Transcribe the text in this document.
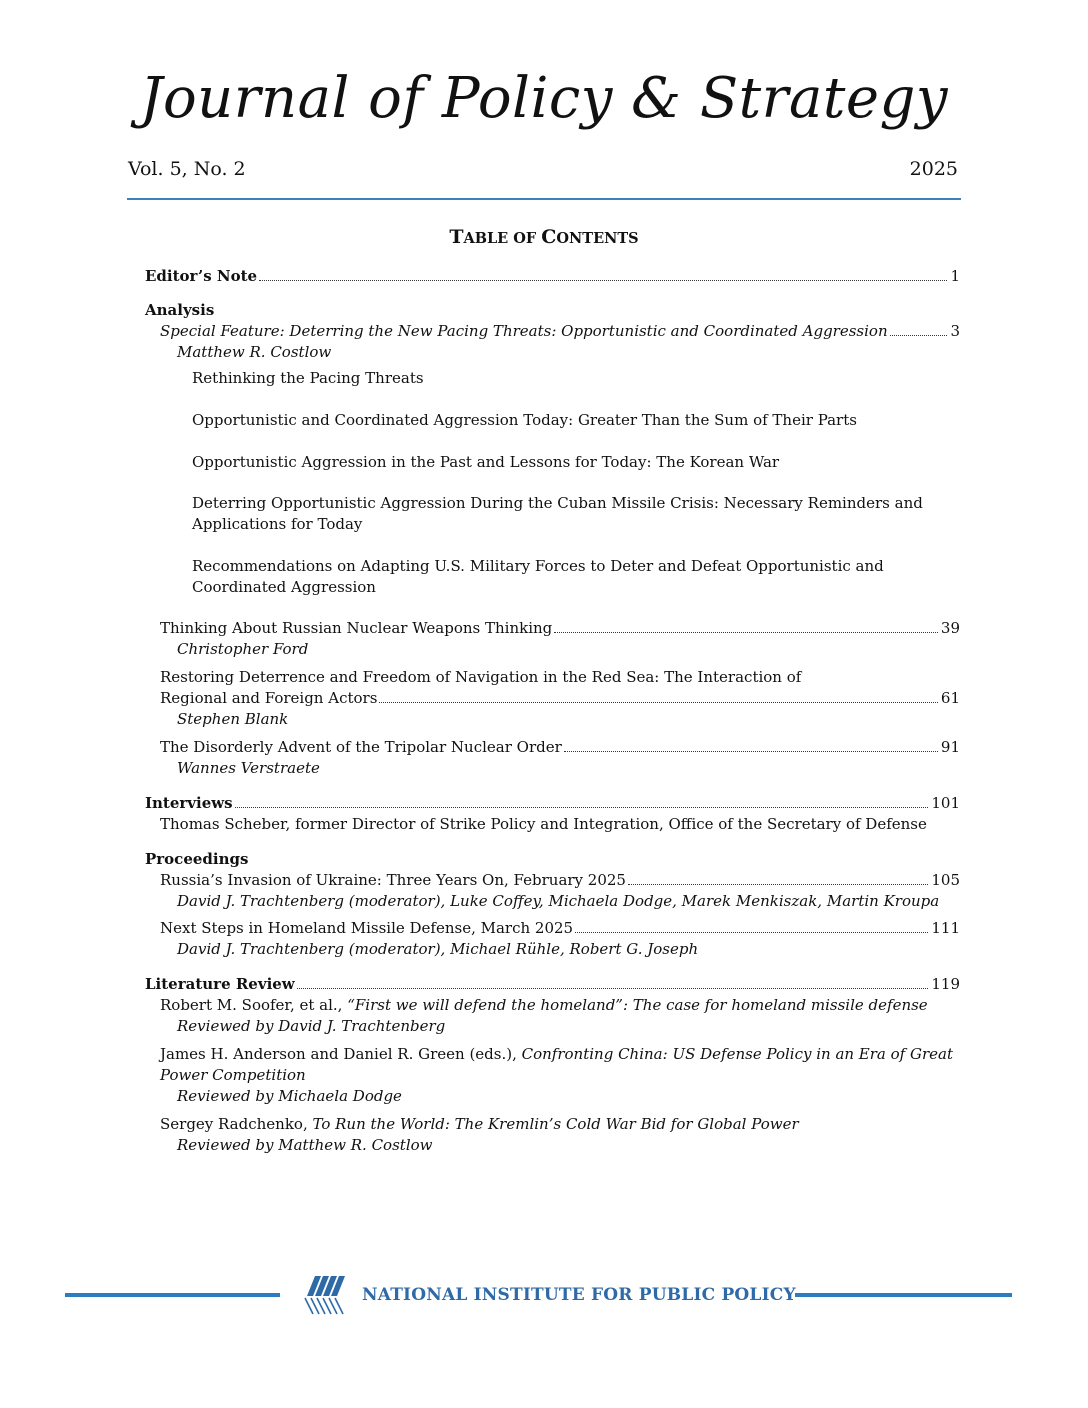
Journal of Policy & Strategy
Vol. 5, No. 2	2025
TABLE OF CONTENTS
Editor’s Note	1
Analysis
Special Feature: Deterring the New Pacing Threats: Opportunistic and Coordinated Aggression	3
Matthew R. Costlow
Rethinking the Pacing Threats
Opportunistic and Coordinated Aggression Today: Greater Than the Sum of Their Parts
Opportunistic Aggression in the Past and Lessons for Today: The Korean War
Deterring Opportunistic Aggression During the Cuban Missile Crisis: Necessary Reminders and
Applications for Today
Recommendations on Adapting U.S. Military Forces to Deter and Defeat Opportunistic and
Coordinated Aggression
Thinking About Russian Nuclear Weapons Thinking	39
Christopher Ford
Restoring Deterrence and Freedom of Navigation in the Red Sea: The Interaction of
Regional and Foreign Actors	61
Stephen Blank
The Disorderly Advent of the Tripolar Nuclear Order	91
Wannes Verstraete
Interviews	101
Thomas Scheber, former Director of Strike Policy and Integration, Office of the Secretary of Defense
Proceedings
Russia’s Invasion of Ukraine: Three Years On, February 2025	105
David J. Trachtenberg (moderator), Luke Coffey, Michaela Dodge, Marek Menkiszak, Martin Kroupa
Next Steps in Homeland Missile Defense, March 2025	111
David J. Trachtenberg (moderator), Michael Rühle, Robert G. Joseph
Literature Review	119
Robert M. Soofer, et al., “First we will defend the homeland”: The case for homeland missile defense
Reviewed by David J. Trachtenberg
James H. Anderson and Daniel R. Green (eds.), Confronting China: US Defense Policy in an Era of Great
Power Competition
Reviewed by Michaela Dodge
Sergey Radchenko, To Run the World: The Kremlin’s Cold War Bid for Global Power
Reviewed by Matthew R. Costlow
NATIONAL INSTITUTE FOR PUBLIC POLICY
